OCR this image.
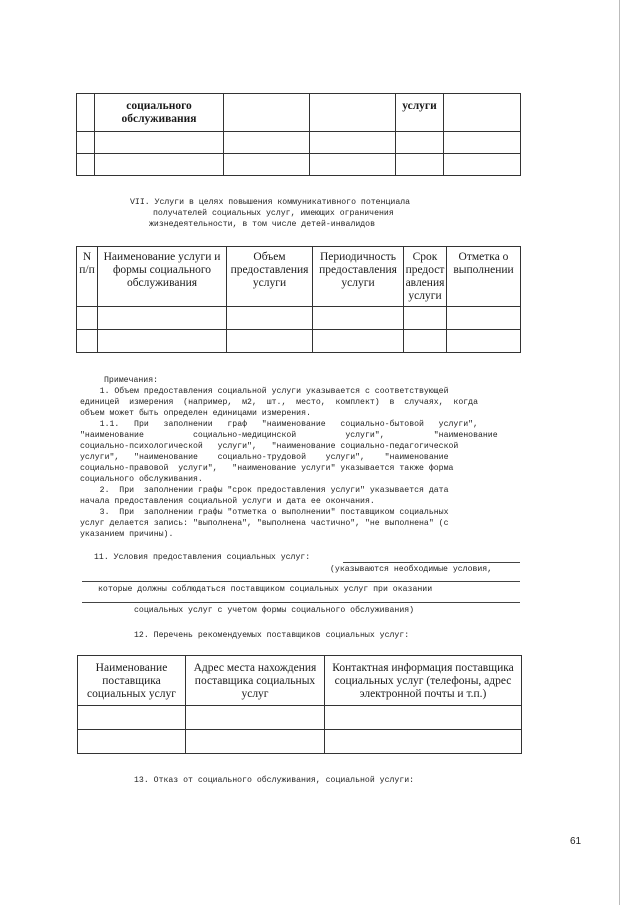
	социального обслуживания			услуги	

VII. Услуги в целях повышения коммуникативного потенциала
получателей социальных услуг, имеющих ограничения
жизнедеятельности, в том числе детей-инвалидов
N п/п	Наименование услуги и формы социального обслуживания	Объем предоставления услуги	Периодичность предоставления услуги	Срок предост авления услуги	Отметка о выполнении

Примечания:
1. Объем предоставления социальной услуги указывается с соответствующей
единицей  измерения  (например,  м2,  шт.,  место,  комплект)  в  случаях,  когда
объем может быть определен единицами измерения.
1.1.   При   заполнении   граф   "наименование   социально-бытовой   услуги",
"наименование          социально-медицинской          услуги",          "наименование
социально-психологической   услуги",   "наименование социально-педагогической
услуги",   "наименование    социально-трудовой    услуги",    "наименование
социально-правовой  услуги",   "наименование услуги" указывается также форма
социального обслуживания.
2.  При  заполнении графы "срок предоставления услуги" указывается дата
начала предоставления социальной услуги и дата ее окончания.
3.  При  заполнении графы "отметка о выполнении" поставщиком социальных
услуг делается запись: "выполнена", "выполнена частично", "не выполнена" (с
указанием причины).
11. Условия предоставления социальных услуг:
(указываются необходимые условия,
которые должны соблюдаться поставщиком социальных услуг при оказании
социальных услуг с учетом формы социального обслуживания)
12. Перечень рекомендуемых поставщиков социальных услуг:
Наименование поставщика социальных услуг	Адрес места нахождения поставщика социальных услуг	Контактная информация поставщика социальных услуг (телефоны, адрес электронной почты и т.п.)

13. Отказ от социального обслуживания, социальной услуги:
61
